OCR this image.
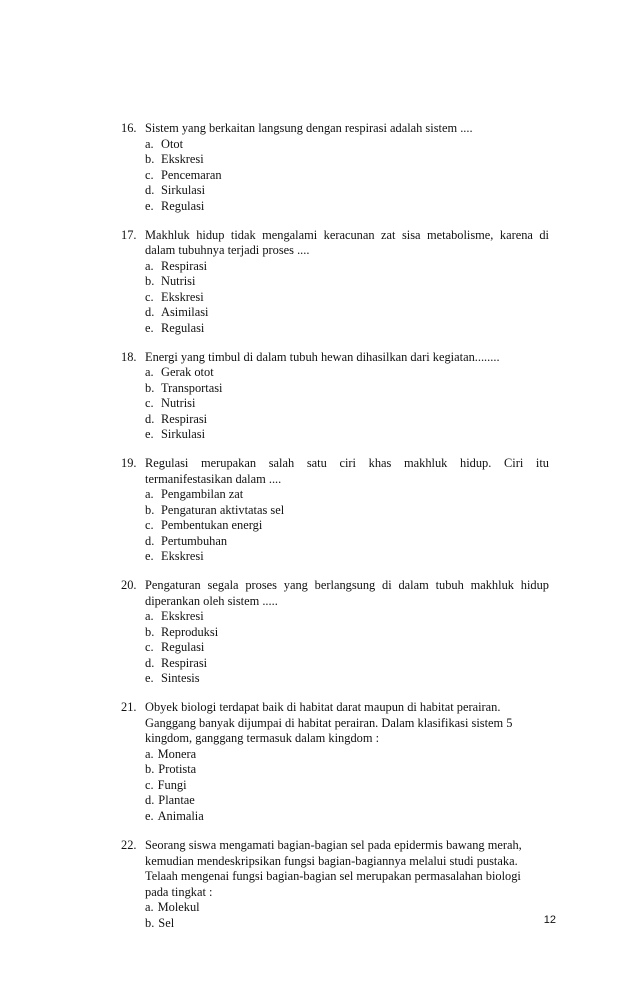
16. Sistem yang berkaitan langsung dengan respirasi adalah sistem ....
a. Otot
b. Ekskresi
c. Pencemaran
d. Sirkulasi
e. Regulasi
17. Makhluk hidup tidak mengalami keracunan zat sisa metabolisme, karena di
dalam tubuhnya terjadi proses ....
a. Respirasi
b. Nutrisi
c. Ekskresi
d. Asimilasi
e. Regulasi
18. Energi yang timbul di dalam tubuh hewan dihasilkan dari kegiatan........
a. Gerak otot
b. Transportasi
c. Nutrisi
d. Respirasi
e. Sirkulasi
19. Regulasi merupakan salah satu ciri khas makhluk hidup. Ciri itu
termanifestasikan dalam ....
a. Pengambilan zat
b. Pengaturan aktivtatas sel
c. Pembentukan energi
d. Pertumbuhan
e. Ekskresi
20. Pengaturan segala proses yang berlangsung di dalam tubuh makhluk hidup
diperankan oleh sistem .....
a. Ekskresi
b. Reproduksi
c. Regulasi
d. Respirasi
e. Sintesis
21. Obyek biologi terdapat baik di habitat darat maupun di habitat perairan.
Ganggang banyak dijumpai di habitat perairan. Dalam klasifikasi sistem 5
kingdom, ganggang termasuk dalam kingdom :
a. Monera
b. Protista
c. Fungi
d. Plantae
e. Animalia
22. Seorang siswa mengamati bagian-bagian sel pada epidermis bawang merah,
kemudian mendeskripsikan fungsi bagian-bagiannya melalui studi pustaka.
Telaah mengenai fungsi bagian-bagian sel merupakan permasalahan biologi
pada tingkat :
a. Molekul
b. Sel	12
